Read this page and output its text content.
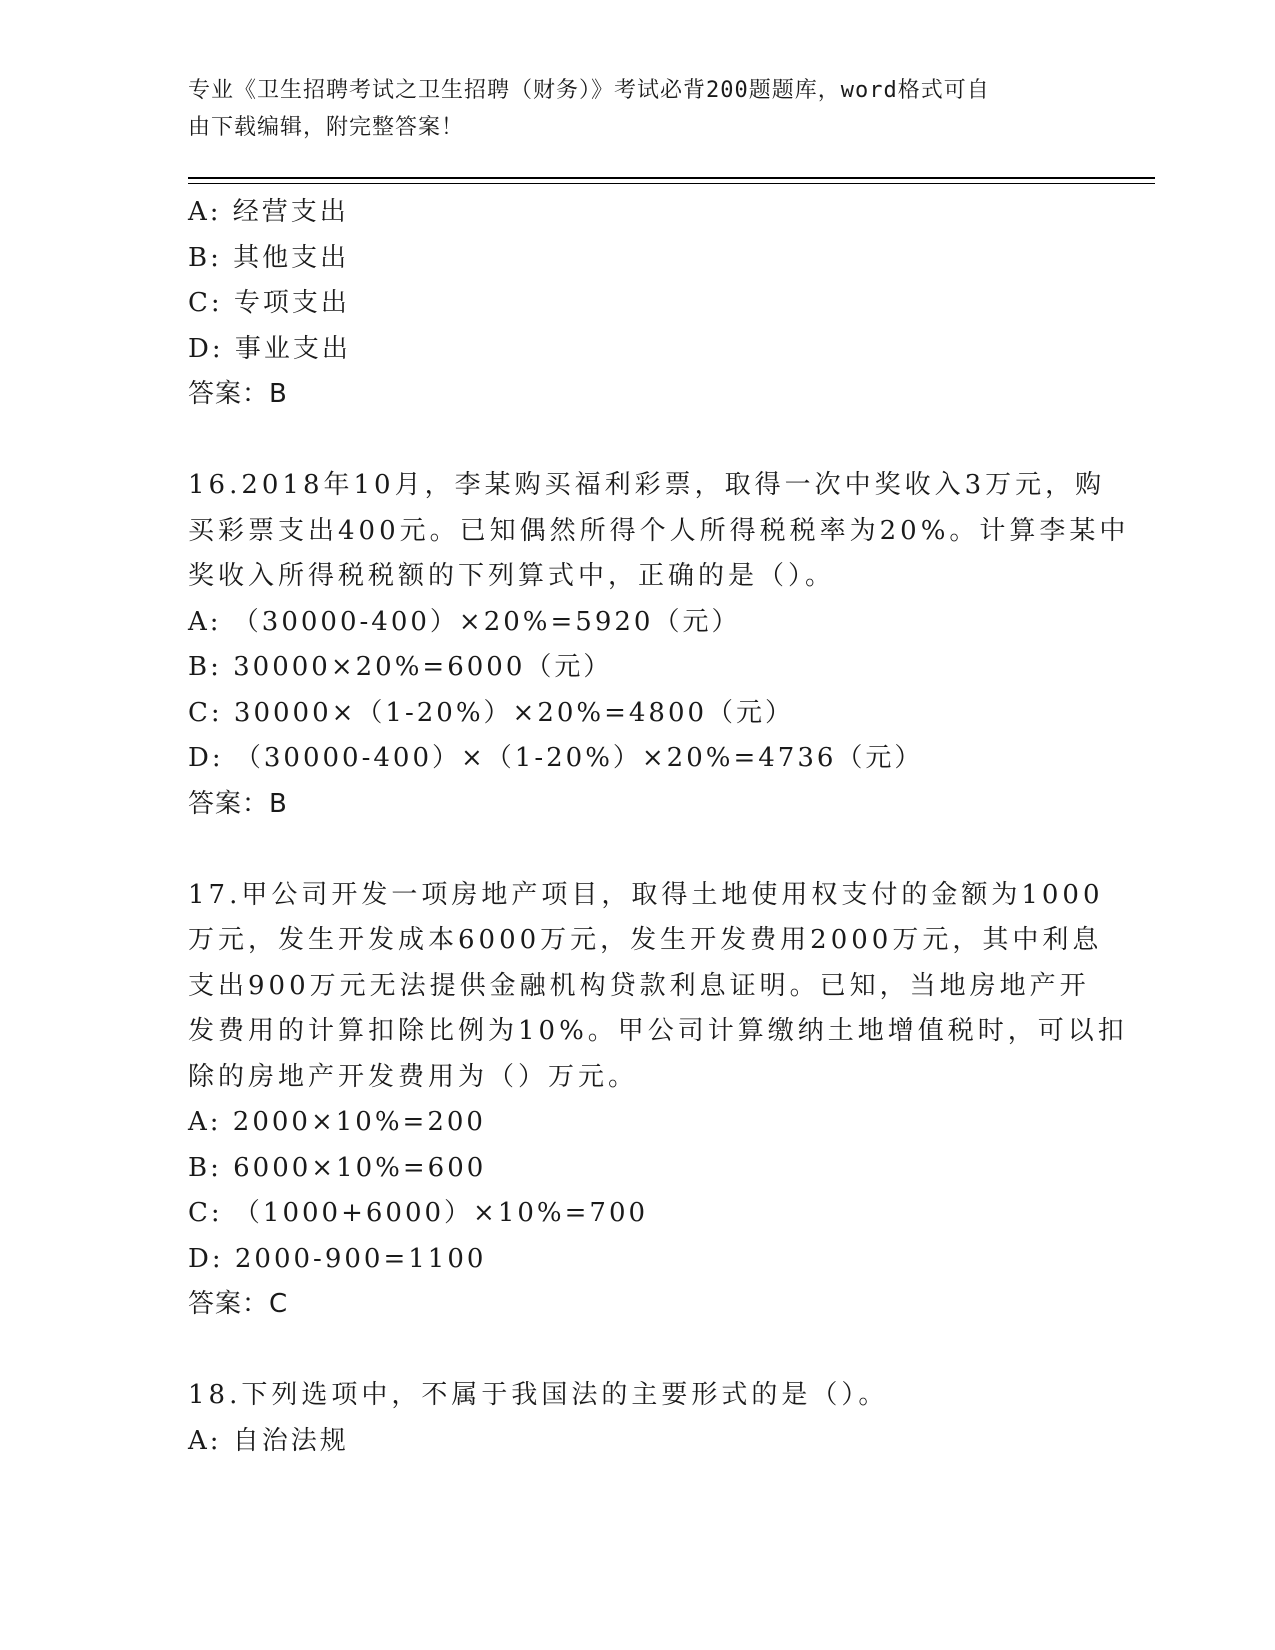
专业《卫生招聘考试之卫生招聘（财务）》考试必背200题题库，word格式可自
由下载编辑，附完整答案！
A: 经营支出
B: 其他支出
C: 专项支出
D: 事业支出
答案：B
16.2018年10月，李某购买福利彩票，取得一次中奖收入3万元，购
买彩票支出400元。已知偶然所得个人所得税税率为20%。计算李某中
奖收入所得税税额的下列算式中，正确的是（）。
A: （30000-400）×20%=5920（元）
B: 30000×20%=6000（元）
C: 30000×（1-20%）×20%=4800（元）
D: （30000-400）×（1-20%）×20%=4736（元）
答案：B
17.甲公司开发一项房地产项目，取得土地使用权支付的金额为1000
万元，发生开发成本6000万元，发生开发费用2000万元，其中利息
支出900万元无法提供金融机构贷款利息证明。已知，当地房地产开
发费用的计算扣除比例为10%。甲公司计算缴纳土地增值税时，可以扣
除的房地产开发费用为（）万元。
A: 2000×10%=200
B: 6000×10%=600
C: （1000+6000）×10%=700
D: 2000-900=1100
答案：C
18.下列选项中，不属于我国法的主要形式的是（）。
A: 自治法规
